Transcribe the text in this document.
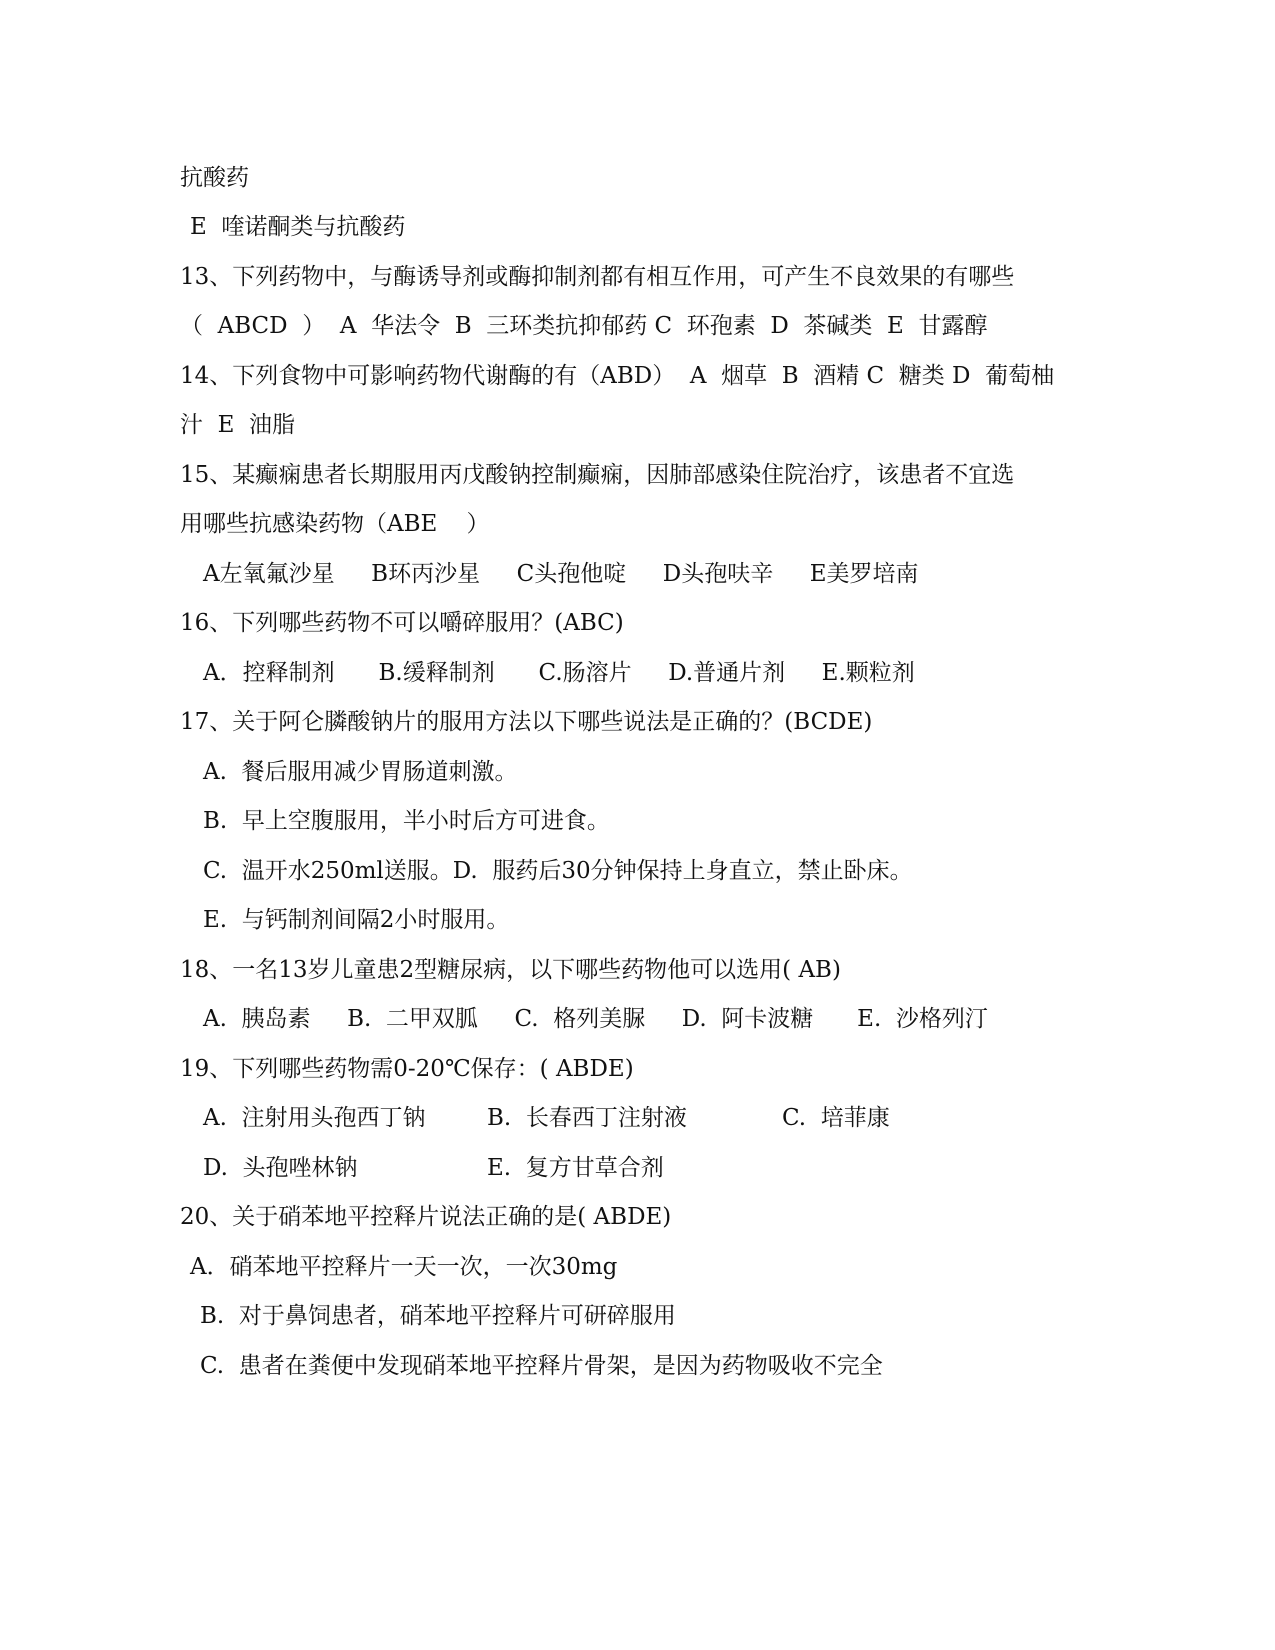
抗酸药
E  喹诺酮类与抗酸药
13、下列药物中，与酶诱导剂或酶抑制剂都有相互作用，可产生不良效果的有哪些
（  ABCD  ）  A  华法令  B  三环类抗抑郁药 C  环孢素  D  茶碱类  E  甘露醇
14、下列食物中可影响药物代谢酶的有（ABD）  A  烟草  B  酒精 C  糖类 D  葡萄柚
汁  E  油脂
15、某癫痫患者长期服用丙戊酸钠控制癫痫，因肺部感染住院治疗，该患者不宜选
用哪些抗感染药物（ABE    ）
A左氧氟沙星     B环丙沙星     C头孢他啶     D头孢呋辛     E美罗培南
16、下列哪些药物不可以嚼碎服用？(ABC)
A．控释制剂      B.缓释制剂      C.肠溶片     D.普通片剂     E.颗粒剂
17、关于阿仑膦酸钠片的服用方法以下哪些说法是正确的？(BCDE)
A.  餐后服用减少胃肠道刺激。
B.  早上空腹服用，半小时后方可进食。
C.  温开水250ml送服。D.  服药后30分钟保持上身直立，禁止卧床。
E.  与钙制剂间隔2小时服用。
18、一名13岁儿童患2型糖尿病，以下哪些药物他可以选用( AB)
A.  胰岛素     B.  二甲双胍     C.  格列美脲     D.  阿卡波糖      E.  沙格列汀
19、下列哪些药物需0-20℃保存：( ABDE)
A.  注射用头孢西丁钠	B.  长春西丁注射液	C.  培菲康
D.  头孢唑林钠	E.  复方甘草合剂
20、关于硝苯地平控释片说法正确的是( ABDE)
A．硝苯地平控释片一天一次，一次30mg
B.  对于鼻饲患者，硝苯地平控释片可研碎服用
C.  患者在粪便中发现硝苯地平控释片骨架，是因为药物吸收不完全
